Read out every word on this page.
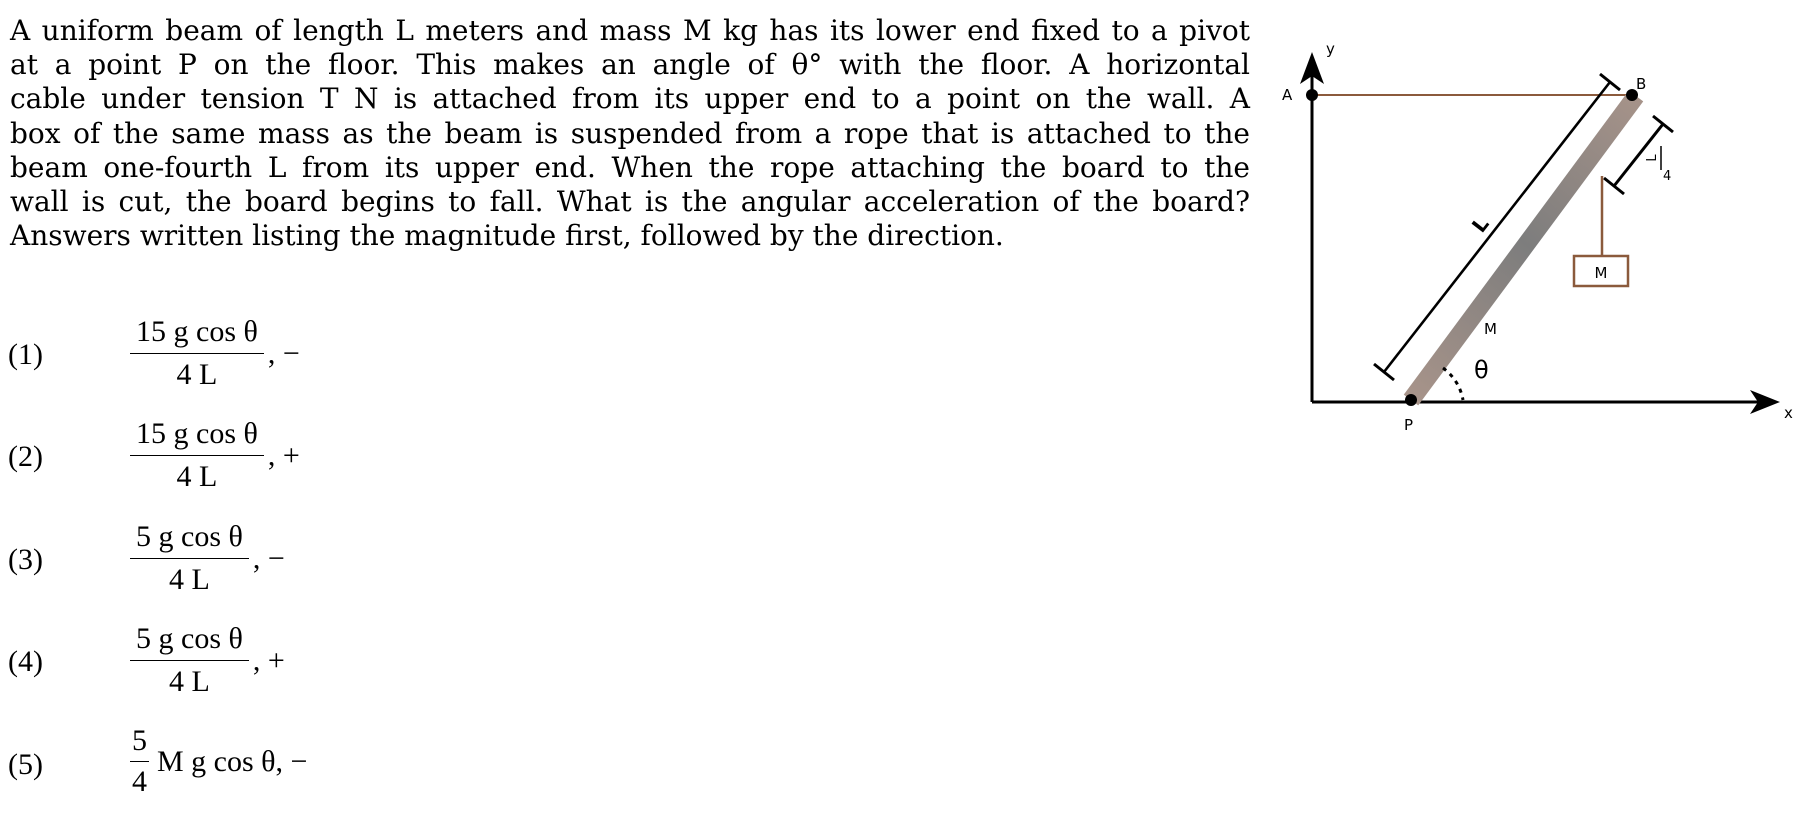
A uniform beam of length L meters and mass M kg has its lower end fixed to a pivot
at a point P on the floor. This makes an angle of θ° with the floor. A horizontal
cable under tension T N is attached from its upper end to a point on the wall. A
box of the same mass as the beam is suspended from a rope that is attached to the
beam one-fourth L from its upper end. When the rope attaching the board to the
wall is cut, the board begins to fall. What is the angular acceleration of the board?
Answers written listing the magnitude first, followed by the direction.
(1)	$\frac{\text{15 g cos θ}}{4 L}$ , −
(2)	$\frac{\text{15 g cos θ}}{4 L}$ , +
(3)	$\frac{\text{5 g cos θ}}{4 L}$ , −
(4)	$\frac{\text{5 g cos θ}}{4 L}$ , +
(5)	$\frac{5}{4}$ M g cos θ, −
y
x
A
B
P
L
L
4
M
M
θ
